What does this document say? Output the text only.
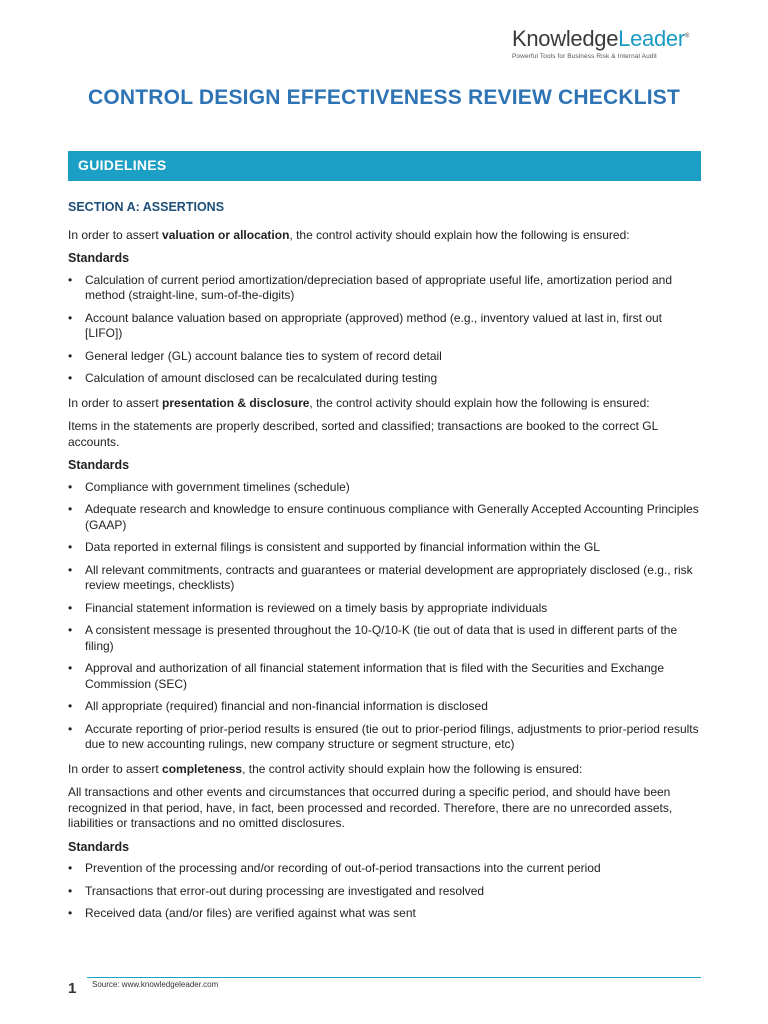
KnowledgeLeader®
Powerful Tools for Business Risk & Internal Audit
CONTROL DESIGN EFFECTIVENESS REVIEW CHECKLIST
GUIDELINES
SECTION A: ASSERTIONS

In order to assert valuation or allocation, the control activity should explain how the following is ensured:

Standards
• Calculation of current period amortization/depreciation based of appropriate useful life, amortization period and method (straight-line, sum-of-the-digits)
• Account balance valuation based on appropriate (approved) method (e.g., inventory valued at last in, first out [LIFO])
• General ledger (GL) account balance ties to system of record detail
• Calculation of amount disclosed can be recalculated during testing

In order to assert presentation & disclosure, the control activity should explain how the following is ensured:

Items in the statements are properly described, sorted and classified; transactions are booked to the correct GL accounts.

Standards
• Compliance with government timelines (schedule)
• Adequate research and knowledge to ensure continuous compliance with Generally Accepted Accounting Principles (GAAP)
• Data reported in external filings is consistent and supported by financial information within the GL
• All relevant commitments, contracts and guarantees or material development are appropriately disclosed (e.g., risk review meetings, checklists)
• Financial statement information is reviewed on a timely basis by appropriate individuals
• A consistent message is presented throughout the 10-Q/10-K (tie out of data that is used in different parts of the filing)
• Approval and authorization of all financial statement information that is filed with the Securities and Exchange Commission (SEC)
• All appropriate (required) financial and non-financial information is disclosed
• Accurate reporting of prior-period results is ensured (tie out to prior-period filings, adjustments to prior-period results due to new accounting rulings, new company structure or segment structure, etc)

In order to assert completeness, the control activity should explain how the following is ensured:

All transactions and other events and circumstances that occurred during a specific period, and should have been recognized in that period, have, in fact, been processed and recorded. Therefore, there are no unrecorded assets, liabilities or transactions and no omitted disclosures.

Standards
• Prevention of the processing and/or recording of out-of-period transactions into the current period
• Transactions that error-out during processing are investigated and resolved
• Received data (and/or files) are verified against what was sent
1 Source: www.knowledgeleader.com
